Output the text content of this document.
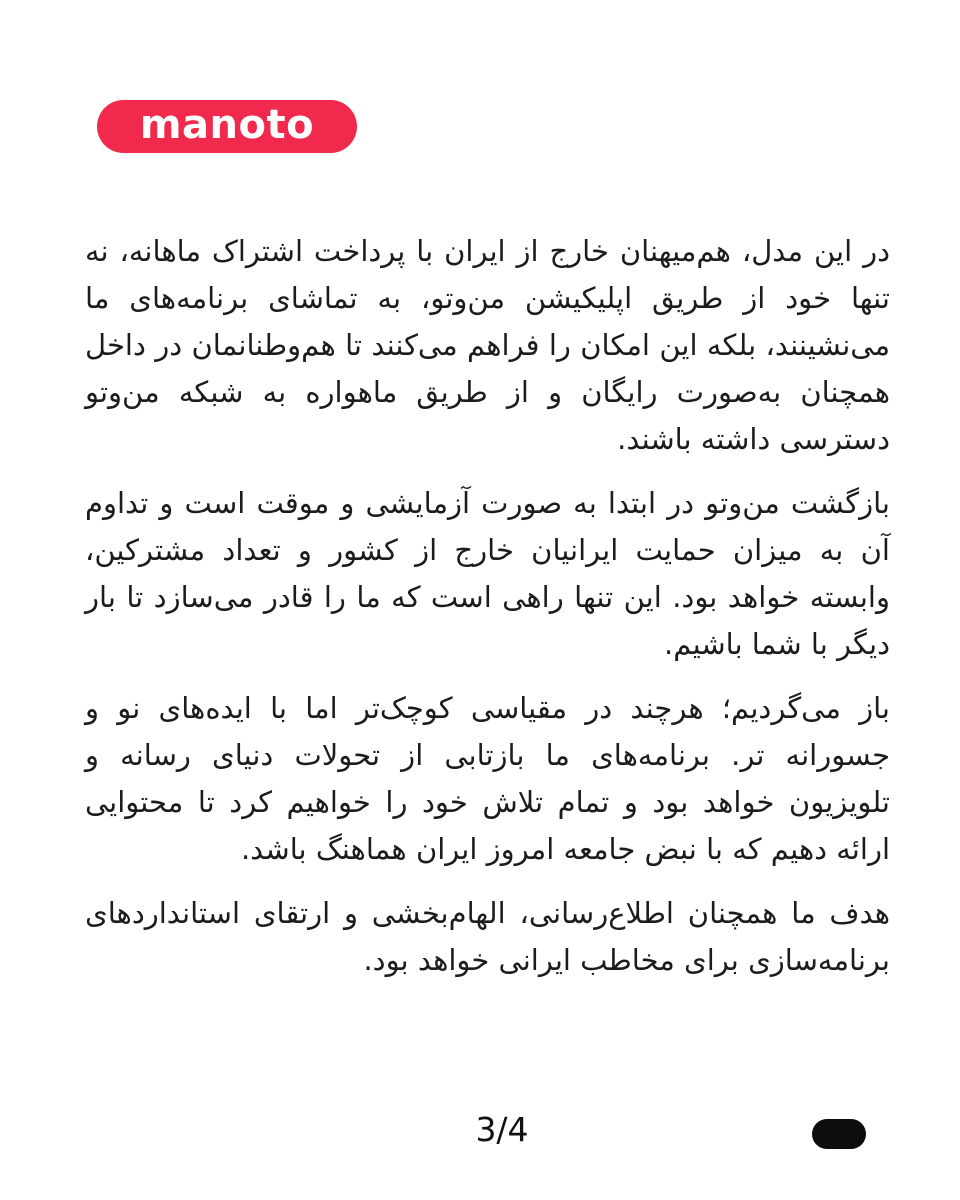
manoto

در این مدل، هم‌میهنان خارج از ایران با پرداخت اشتراک ماهانه، نه تنها خود از طریق اپلیکیشن من‌وتو، به تماشای برنامه‌های ما می‌نشینند، بلکه این امکان را فراهم می‌کنند تا هم‌وطنانمان در داخل همچنان به‌صورت رایگان و از طریق ماهواره به شبکه من‌وتو دسترسی داشته باشند.

بازگشت من‌وتو در ابتدا به صورت آزمایشی و موقت است و تداوم آن به میزان حمایت ایرانیان خارج از کشور و تعداد مشترکین، وابسته خواهد بود. این تنها راهی است که ما را قادر می‌سازد تا بار دیگر با شما باشیم.

باز می‌گردیم؛ هرچند در مقیاسی کوچک‌تر اما با ایده‌های نو و جسورانه تر. برنامه‌های ما بازتابی از تحولات دنیای رسانه و تلویزیون خواهد بود و تمام تلاش خود را خواهیم کرد تا محتوایی ارائه دهیم که با نبض جامعه امروز ایران هماهنگ باشد.

هدف ما همچنان اطلاع‌رسانی، الهام‌بخشی و ارتقای استانداردهای برنامه‌سازی برای مخاطب ایرانی خواهد بود.

3/4
